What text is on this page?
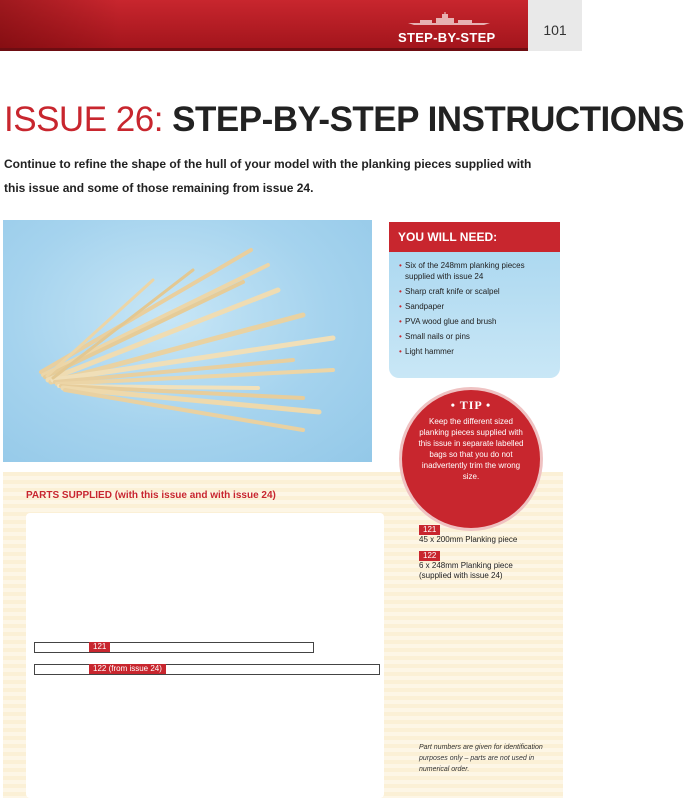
STEP-BY-STEP	101
ISSUE 26: STEP-BY-STEP INSTRUCTIONS

Continue to refine the shape of the hull of your model with the planking pieces supplied with this issue and some of those remaining from issue 24.

YOU WILL NEED:
• Six of the 248mm planking pieces supplied with issue 24
• Sharp craft knife or scalpel
• Sandpaper
• PVA wood glue and brush
• Small nails or pins
• Light hammer
PARTS SUPPLIED (with this issue and with issue 24)
• TIP •
Keep the different sized planking pieces supplied with this issue in separate labelled bags so that you do not inadvertently trim the wrong size.
121
122 (from issue 24)
121
45 x 200mm Planking piece
122
6 x 248mm Planking piece
(supplied with issue 24)
Part numbers are given for identification purposes only – parts are not used in numerical order.
